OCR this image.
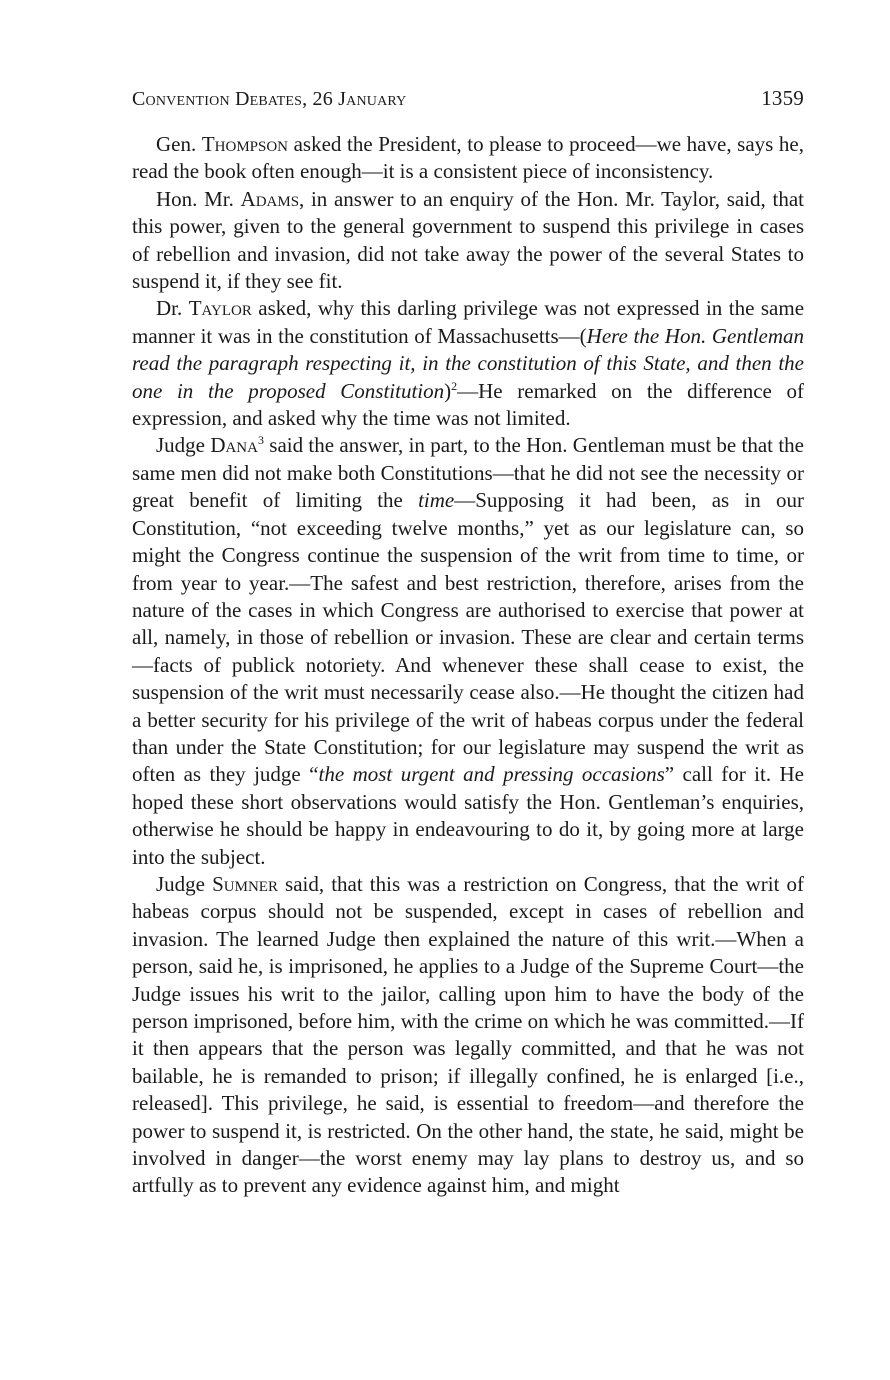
Convention Debates, 26 January	1359

Gen. Thompson asked the President, to please to proceed—we have, says he, read the book often enough—it is a consistent piece of inconsistency.

Hon. Mr. Adams, in answer to an enquiry of the Hon. Mr. Taylor, said, that this power, given to the general government to suspend this privilege in cases of rebellion and invasion, did not take away the power of the several States to suspend it, if they see fit.

Dr. Taylor asked, why this darling privilege was not expressed in the same manner it was in the constitution of Massachusetts—(Here the Hon. Gentleman read the paragraph respecting it, in the constitution of this State, and then the one in the proposed Constitution)$^2$—He remarked on the difference of expression, and asked why the time was not limited.

Judge Dana$^3$ said the answer, in part, to the Hon. Gentleman must be that the same men did not make both Constitutions—that he did not see the necessity or great benefit of limiting the time—Supposing it had been, as in our Constitution, “not exceeding twelve months,” yet as our legislature can, so might the Congress continue the suspension of the writ from time to time, or from year to year.—The safest and best restriction, therefore, arises from the nature of the cases in which Congress are authorised to exercise that power at all, namely, in those of rebellion or invasion. These are clear and certain terms—facts of publick notoriety. And whenever these shall cease to exist, the suspension of the writ must necessarily cease also.—He thought the citizen had a better security for his privilege of the writ of habeas corpus under the federal than under the State Constitution; for our legislature may suspend the writ as often as they judge “the most urgent and pressing occasions” call for it. He hoped these short observations would satisfy the Hon. Gentleman’s enquiries, otherwise he should be happy in endeavouring to do it, by going more at large into the subject.

Judge Sumner said, that this was a restriction on Congress, that the writ of habeas corpus should not be suspended, except in cases of rebellion and invasion. The learned Judge then explained the nature of this writ.—When a person, said he, is imprisoned, he applies to a Judge of the Supreme Court—the Judge issues his writ to the jailor, calling upon him to have the body of the person imprisoned, before him, with the crime on which he was committed.—If it then appears that the person was legally committed, and that he was not bailable, he is remanded to prison; if illegally confined, he is enlarged [i.e., released]. This privilege, he said, is essential to freedom—and therefore the power to suspend it, is restricted. On the other hand, the state, he said, might be involved in danger—the worst enemy may lay plans to destroy us, and so artfully as to prevent any evidence against him, and might
